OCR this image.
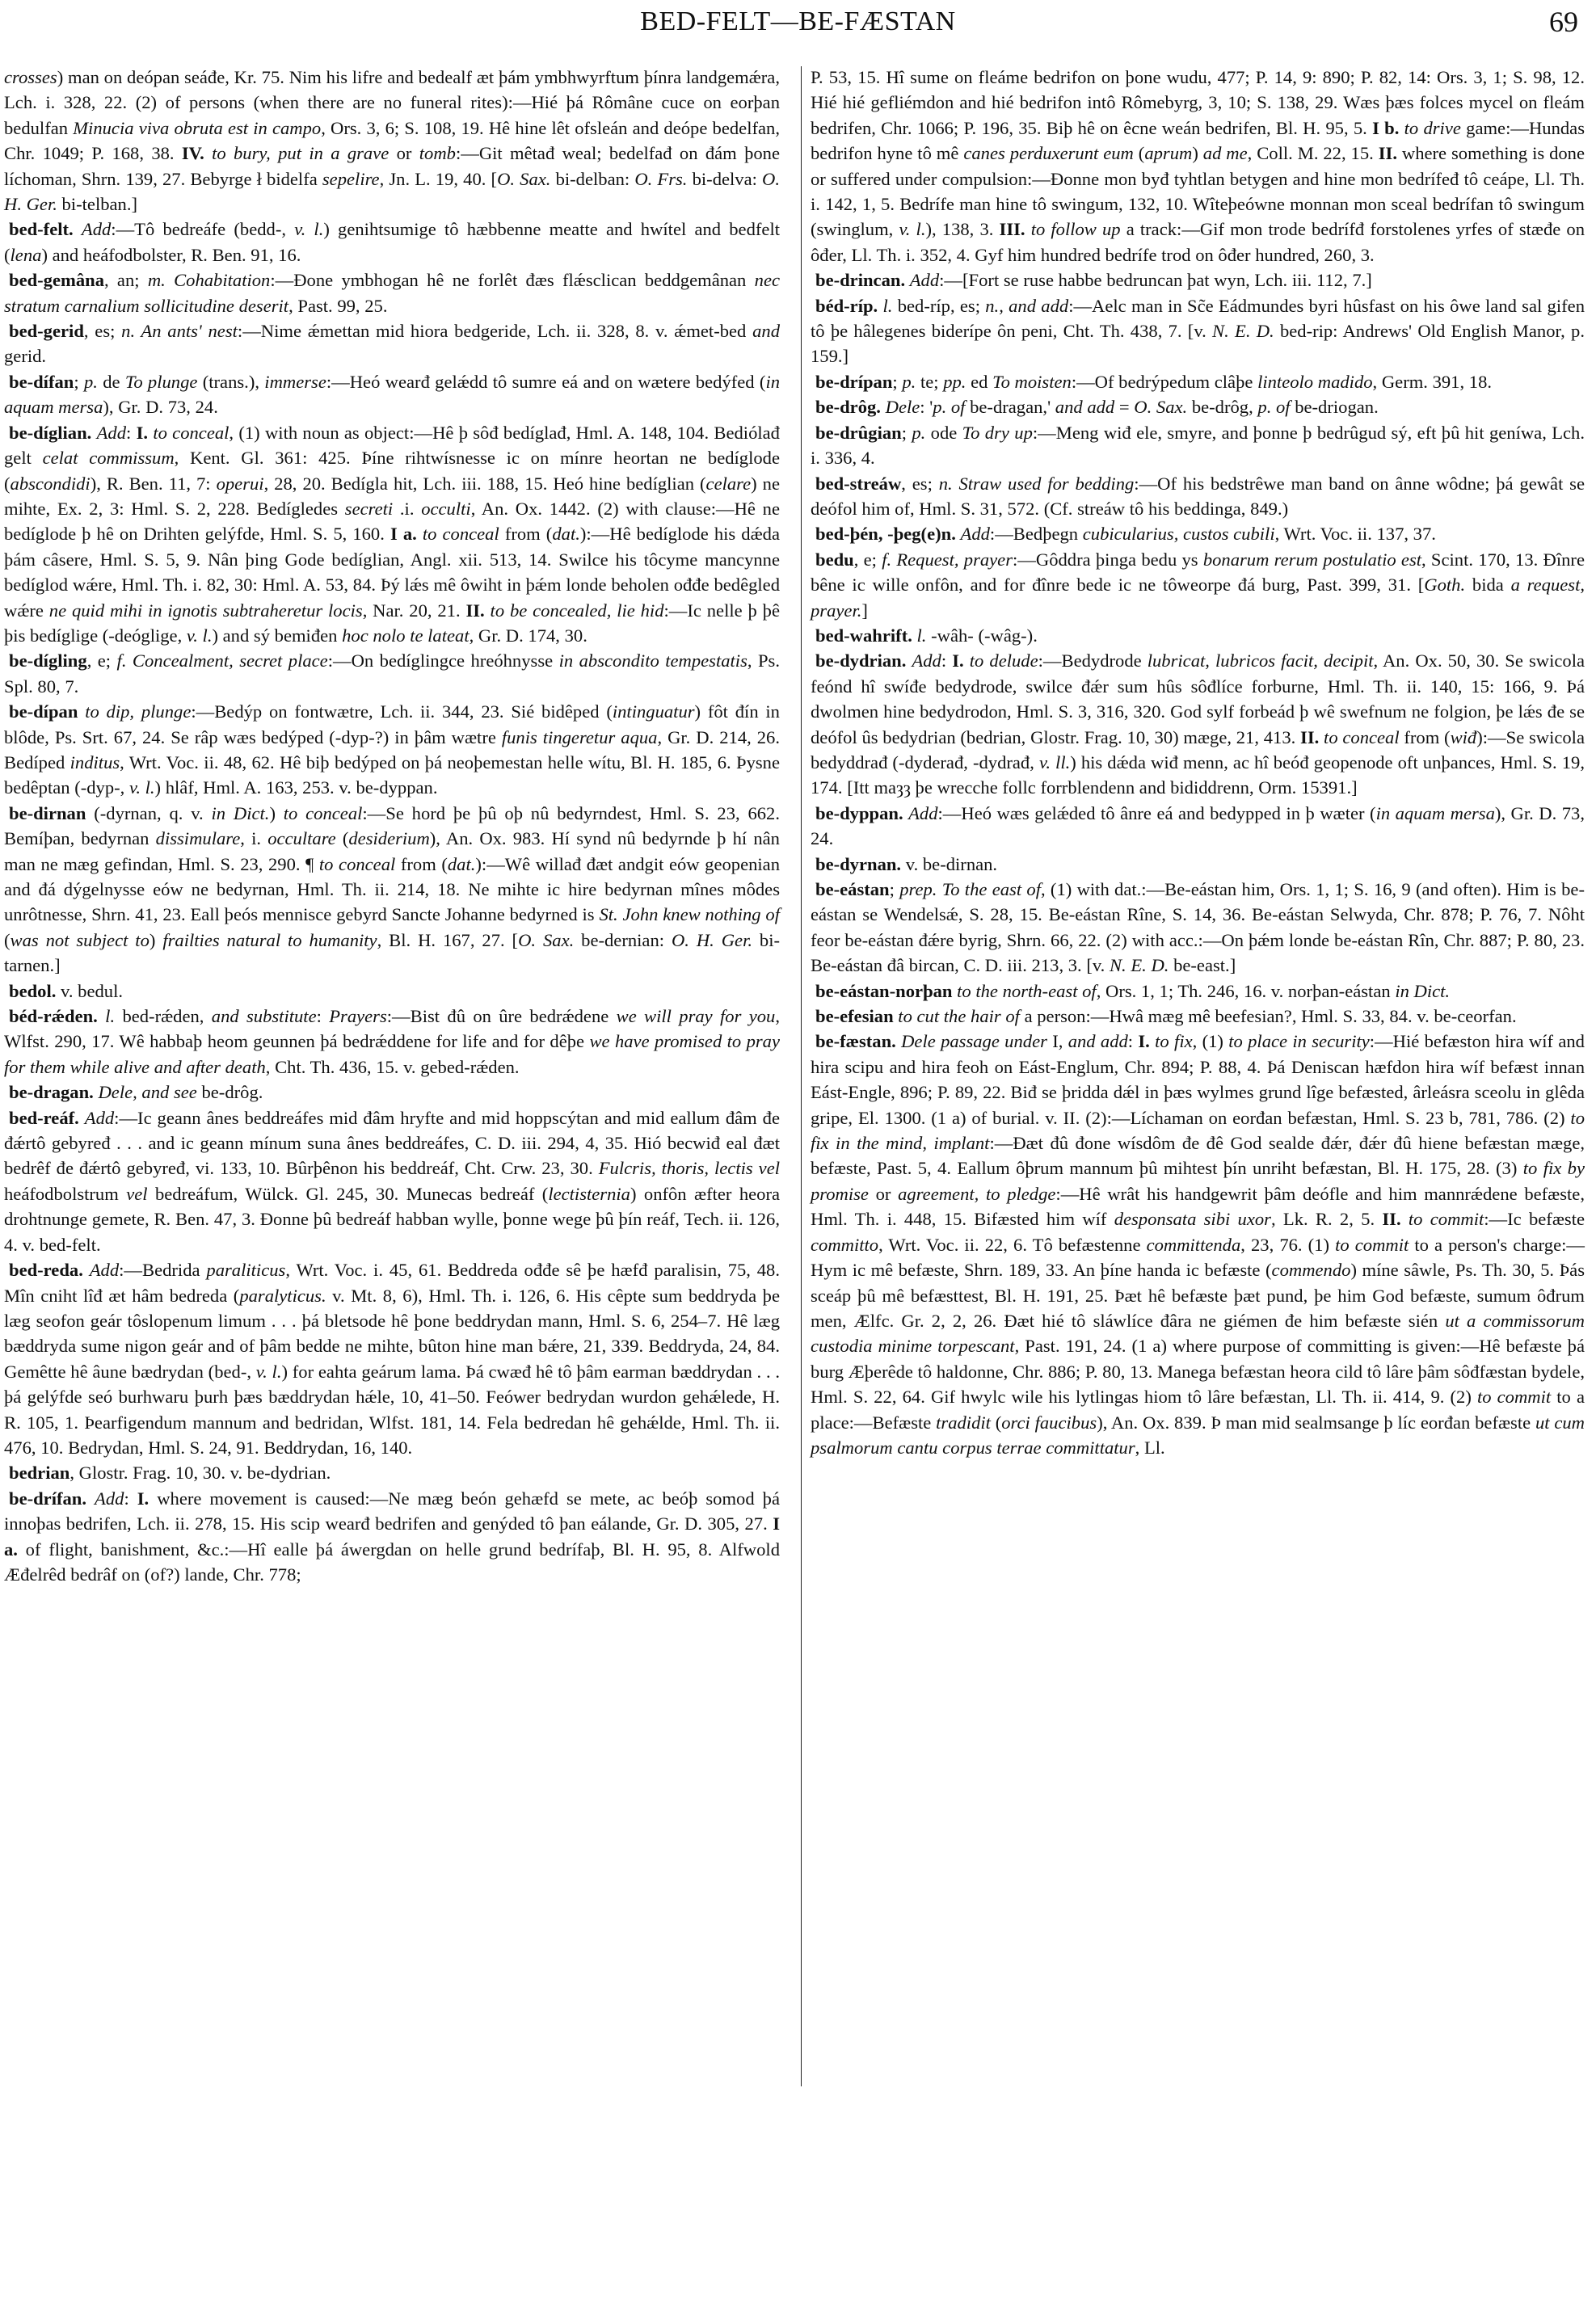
BED-FELT—BE-FÆSTAN	69

crosses) man on deópan seáđe, Kr. 75. Nim his lifre and bedealf æt þám ymbhwyrftum þínra landgemǽra, Lch. i. 328, 22. (2) of persons (when there are no funeral rites):—Hié þá Rômâne cuce on eorþan bedulfan Minucia viva obruta est in campo, Ors. 3, 6; S. 108, 19. Hê hine lêt ofsleán and deópe bedelfan, Chr. 1049; P. 168, 38. IV. to bury, put in a grave or tomb:—Git mêtađ weal; bedelfađ on đám þone líchoman, Shrn. 139, 27. Bebyrge ł bidelfa sepelire, Jn. L. 19, 40. [O. Sax. bi-delban: O. Frs. bi-delva: O. H. Ger. bi-telban.]

bed-felt. Add:—Tô bedreáfe (bedd-, v. l.) genihtsumige tô hæbbenne meatte and hwítel and bedfelt (lena) and heáfodbolster, R. Ben. 91, 16.

bed-gemâna, an; m. Cohabitation:—Đone ymbhogan hê ne forlêt đæs flǽsclican beddgemânan nec stratum carnalium sollicitudine deserit, Past. 99, 25.

bed-gerid, es; n. An ants' nest:—Nime ǽmettan mid hiora bedgeride, Lch. ii. 328, 8. v. ǽmet-bed and gerid.

be-dífan; p. de To plunge (trans.), immerse:—Heó wearđ gelǽdd tô sumre eá and on wætere bedýfed (in aquam mersa), Gr. D. 73, 24.

be-díglian. Add: I. to conceal, (1) with noun as object:—Hê þ sôđ bedíglađ, Hml. A. 148, 104. Bediólađ gelt celat commissum, Kent. Gl. 361: 425. Þíne rihtwísnesse ic on mínre heortan ne bedíglode (abscondidi), R. Ben. 11, 7: operui, 28, 20. Bedígla hit, Lch. iii. 188, 15. Heó hine bedíglian (celare) ne mihte, Ex. 2, 3: Hml. S. 2, 228. Bedígledes secreti .i. occulti, An. Ox. 1442. (2) with clause:—Hê ne bedíglode þ hê on Drihten gelýfde, Hml. S. 5, 160. I a. to conceal from (dat.):—Hê bedíglode his dǽda þám câsere, Hml. S. 5, 9. Nân þing Gode bedíglian, Angl. xii. 513, 14. Swilce his tôcyme mancynne bedíglod wǽre, Hml. Th. i. 82, 30: Hml. A. 53, 84. Þý lǽs mê ôwiht in þǽm londe beholen ođđe bedêgled wǽre ne quid mihi in ignotis subtraheretur locis, Nar. 20, 21. II. to be concealed, lie hid:—Ic nelle þ þê þis bedíglige (-deóglige, v. l.) and sý bemiđen hoc nolo te lateat, Gr. D. 174, 30.

be-dígling, e; f. Concealment, secret place:—On bedíglingce hreóhnysse in abscondito tempestatis, Ps. Spl. 80, 7.

be-dípan to dip, plunge:—Bedýp on fontwætre, Lch. ii. 344, 23. Sié bidêped (intinguatur) fôt đín in blôde, Ps. Srt. 67, 24. Se râp wæs bedýped (-dyp-?) in þâm wætre funis tingeretur aqua, Gr. D. 214, 26. Bedíped inditus, Wrt. Voc. ii. 48, 62. Hê biþ bedýped on þá neoþemestan helle wítu, Bl. H. 185, 6. Þysne bedêptan (-dyp-, v. l.) hlâf, Hml. A. 163, 253. v. be-dyppan.

be-dirnan (-dyrnan, q. v. in Dict.) to conceal:—Se hord þe þû oþ nû bedyrndest, Hml. S. 23, 662. Bemíþan, bedyrnan dissimulare, i. occultare (desiderium), An. Ox. 983. Hí synd nû bedyrnde þ hí nân man ne mæg gefindan, Hml. S. 23, 290. ¶ to conceal from (dat.):—Wê willađ đæt andgit eów geopenian and đá dýgelnysse eów ne bedyrnan, Hml. Th. ii. 214, 18. Ne mihte ic hire bedyrnan mînes môdes unrôtnesse, Shrn. 41, 23. Eall þeós mennisce gebyrd Sancte Johanne bedyrned is St. John knew nothing of (was not subject to) frailties natural to humanity, Bl. H. 167, 27. [O. Sax. be-dernian: O. H. Ger. bi-tarnen.]

bedol. v. bedul.

béd-rǽden. l. bed-rǽden, and substitute: Prayers:—Bist đû on ûre bedrǽdene we will pray for you, Wlfst. 290, 17. Wê habbaþ heom geunnen þá bedrǽddene for life and for dêþe we have promised to pray for them while alive and after death, Cht. Th. 436, 15. v. gebed-rǽden.

be-dragan. Dele, and see be-drôg.

bed-reáf. Add:—Ic geann ânes beddreáfes mid đâm hryfte and mid hoppscýtan and mid eallum đâm đe đǽrtô gebyređ . . . and ic geann mínum suna ânes beddreáfes, C. D. iii. 294, 4, 35. Hió becwiđ eal đæt bedrêf đe đǽrtô gebyređ, vi. 133, 10. Bûrþênon his beddreáf, Cht. Crw. 23, 30. Fulcris, thoris, lectis vel heáfodbolstrum vel bedreáfum, Wülck. Gl. 245, 30. Munecas bedreáf (lectisternia) onfôn æfter heora drohtnunge gemete, R. Ben. 47, 3. Đonne þû bedreáf habban wylle, þonne wege þû þín reáf, Tech. ii. 126, 4. v. bed-felt.

bed-reda. Add:—Bedrida paraliticus, Wrt. Voc. i. 45, 61. Beddreda ođđe sê þe hæfđ paralisin, 75, 48. Mîn cniht lîđ æt hâm bedreda (paralyticus. v. Mt. 8, 6), Hml. Th. i. 126, 6. His cêpte sum beddryda þe læg seofon geár tôslopenum limum . . . þá bletsode hê þone beddrydan mann, Hml. S. 6, 254–7. Hê læg bæddryda sume nigon geár and of þâm bedde ne mihte, bûton hine man bǽre, 21, 339. Beddryda, 24, 84. Gemêtte hê âune bædrydan (bed-, v. l.) for eahta geárum lama. Þá cwæđ hê tô þâm earman bæddrydan . . . þá gelýfde seó burhwaru þurh þæs bæddrydan hǽle, 10, 41–50. Feówer bedrydan wurdon gehǽlede, H. R. 105, 1. Þearfigendum mannum and bedridan, Wlfst. 181, 14. Fela bedredan hê gehǽlde, Hml. Th. ii. 476, 10. Bedrydan, Hml. S. 24, 91. Beddrydan, 16, 140.

bedrian, Glostr. Frag. 10, 30. v. be-dydrian.

be-drífan. Add: I. where movement is caused:—Ne mæg beón gehæfd se mete, ac beóþ somod þá innoþas bedrifen, Lch. ii. 278, 15. His scip wearđ bedrifen and genýded tô þan eálande, Gr. D. 305, 27. I a. of flight, banishment, &c.:—Hî ealle þá áwergdan on helle grund bedrífaþ, Bl. H. 95, 8. Alfwold Æđelrêd bedrâf on (of?) lande, Chr. 778;

P. 53, 15. Hî sume on fleáme bedrifon on þone wudu, 477; P. 14, 9: 890; P. 82, 14: Ors. 3, 1; S. 98, 12. Hié hié gefliémdon and hié bedrifon intô Rômebyrg, 3, 10; S. 138, 29. Wæs þæs folces mycel on fleám bedrifen, Chr. 1066; P. 196, 35. Biþ hê on êcne weán bedrifen, Bl. H. 95, 5. I b. to drive game:—Hundas bedrifon hyne tô mê canes perduxerunt eum (aprum) ad me, Coll. M. 22, 15. II. where something is done or suffered under compulsion:—Đonne mon byđ tyhtlan betygen and hine mon bedrífeđ tô ceápe, Ll. Th. i. 142, 1, 5. Bedrífe man hine tô swingum, 132, 10. Wîteþeówne monnan mon sceal bedrífan tô swingum (swinglum, v. l.), 138, 3. III. to follow up a track:—Gif mon trode bedrífđ forstolenes yrfes of stæđe on ôđer, Ll. Th. i. 352, 4. Gyf him hundred bedrífe trod on ôđer hundred, 260, 3.

be-drincan. Add:—[Fort se ruse habbe bedruncan þat wyn, Lch. iii. 112, 7.]

béd-ríp. l. bed-ríp, es; n., and add:—Aelc man in Sc̃e Eádmundes byri hûsfast on his ôwe land sal gifen tô þe hâlegenes biderípe ôn peni, Cht. Th. 438, 7. [v. N. E. D. bed-rip: Andrews' Old English Manor, p. 159.]

be-drípan; p. te; pp. ed To moisten:—Of bedrýpedum clâþe linteolo madido, Germ. 391, 18.

be-drôg. Dele: 'p. of be-dragan,' and add = O. Sax. be-drôg, p. of be-driogan.

be-drûgian; p. ode To dry up:—Meng wiđ ele, smyre, and þonne þ bedrûgud sý, eft þû hit geníwa, Lch. i. 336, 4.

bed-streáw, es; n. Straw used for bedding:—Of his bedstrêwe man band on ânne wôdne; þá gewât se deófol him of, Hml. S. 31, 572. (Cf. streáw tô his beddinga, 849.)

bed-þén, -þeg(e)n. Add:—Bedþegn cubicularius, custos cubili, Wrt. Voc. ii. 137, 37.

bedu, e; f. Request, prayer:—Gôddra þinga bedu ys bonarum rerum postulatio est, Scint. 170, 13. Đînre bêne ic wille onfôn, and for đînre bede ic ne tôweorpe đá burg, Past. 399, 31. [Goth. bida a request, prayer.]

bed-wahrift. l. -wâh- (-wâg-).

be-dydrian. Add: I. to delude:—Bedydrode lubricat, lubricos facit, decipit, An. Ox. 50, 30. Se swicola feónd hî swíđe bedydrode, swilce đǽr sum hûs sôđlíce forburne, Hml. Th. ii. 140, 15: 166, 9. Þá dwolmen hine bedydrodon, Hml. S. 3, 316, 320. God sylf forbeád þ wê swefnum ne folgion, þe lǽs đe se deófol ûs bedydrian (bedrian, Glostr. Frag. 10, 30) mæge, 21, 413. II. to conceal from (wiđ):—Se swicola bedyddrađ (-dyderađ, -dydrađ, v. ll.) his dǽda wiđ menn, ac hî beóđ geopenode oft unþances, Hml. S. 19, 174. [Itt maȝȝ þe wrecche follc forrblendenn and bididdrenn, Orm. 15391.]

be-dyppan. Add:—Heó wæs gelǽded tô ânre eá and bedypped in þ wæter (in aquam mersa), Gr. D. 73, 24.

be-dyrnan. v. be-dirnan.

be-eástan; prep. To the east of, (1) with dat.:—Be-eástan him, Ors. 1, 1; S. 16, 9 (and often). Him is be-eástan se Wendelsǽ, S. 28, 15. Be-eástan Rîne, S. 14, 36. Be-eástan Selwyda, Chr. 878; P. 76, 7. Nôht feor be-eástan đǽre byrig, Shrn. 66, 22. (2) with acc.:—On þǽm londe be-eástan Rîn, Chr. 887; P. 80, 23. Be-eástan đâ bircan, C. D. iii. 213, 3. [v. N. E. D. be-east.]

be-eástan-norþan to the north-east of, Ors. 1, 1; Th. 246, 16. v. norþan-eástan in Dict.

be-efesian to cut the hair of a person:—Hwâ mæg mê beefesian?, Hml. S. 33, 84. v. be-ceorfan.

be-fæstan. Dele passage under I, and add: I. to fix, (1) to place in security:—Hié befæston hira wíf and hira scipu and hira feoh on Eást-Englum, Chr. 894; P. 88, 4. Þá Deniscan hæfdon hira wíf befæst innan Eást-Engle, 896; P. 89, 22. Biđ se þridda dǽl in þæs wylmes grund lîge befæsted, ârleásra sceolu in glêda gripe, El. 1300. (1 a) of burial. v. II. (2):—Líchaman on eorđan befæstan, Hml. S. 23 b, 781, 786. (2) to fix in the mind, implant:—Đæt đû đone wísdôm đe đê God sealde đǽr, đǽr đû hiene befæstan mæge, befæste, Past. 5, 4. Eallum ôþrum mannum þû mihtest þín unriht befæstan, Bl. H. 175, 28. (3) to fix by promise or agreement, to pledge:—Hê wrât his handgewrit þâm deófle and him mannrǽdene befæste, Hml. Th. i. 448, 15. Bifæsted him wíf desponsata sibi uxor, Lk. R. 2, 5. II. to commit:—Ic befæste committo, Wrt. Voc. ii. 22, 6. Tô befæstenne committenda, 23, 76. (1) to commit to a person's charge:—Hym ic mê befæste, Shrn. 189, 33. An þíne handa ic befæste (commendo) míne sâwle, Ps. Th. 30, 5. Þás sceáp þû mê befæsttest, Bl. H. 191, 25. Þæt hê befæste þæt pund, þe him God befæste, sumum ôđrum men, Ælfc. Gr. 2, 2, 26. Đæt hié tô sláwlíce đâra ne giémen đe him befæste sién ut a commissorum custodia minime torpescant, Past. 191, 24. (1 a) where purpose of committing is given:—Hê befæste þá burg Æþerêde tô haldonne, Chr. 886; P. 80, 13. Manega befæstan heora cild tô lâre þâm sôđfæstan bydele, Hml. S. 22, 64. Gif hwylc wile his lytlingas hiom tô lâre befæstan, Ll. Th. ii. 414, 9. (2) to commit to a place:—Befæste tradidit (orci faucibus), An. Ox. 839. Þ man mid sealmsange þ líc eorđan befæste ut cum psalmorum cantu corpus terrae committatur, Ll.
